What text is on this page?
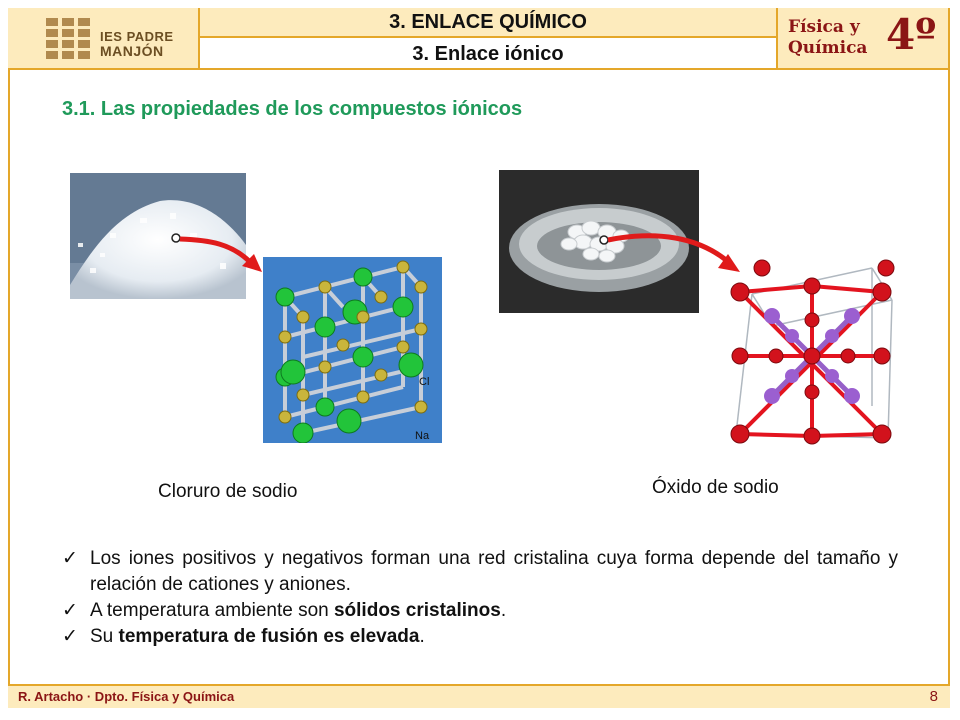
IES PADRE
MANJÓN
3. ENLACE QUÍMICO
3. Enlace iónico
Física y
Química 4º
3.1. Las propiedades de los compuestos iónicos
Cl
Na
Cloruro de sodio	Óxido de sodio
✓ Los iones positivos y negativos forman una red cristalina cuya forma depende del tamaño y relación de cationes y aniones.
✓ A temperatura ambiente son sólidos cristalinos.
✓ Su temperatura de fusión es elevada.
R. Artacho · Dpto. Física y Química	8
